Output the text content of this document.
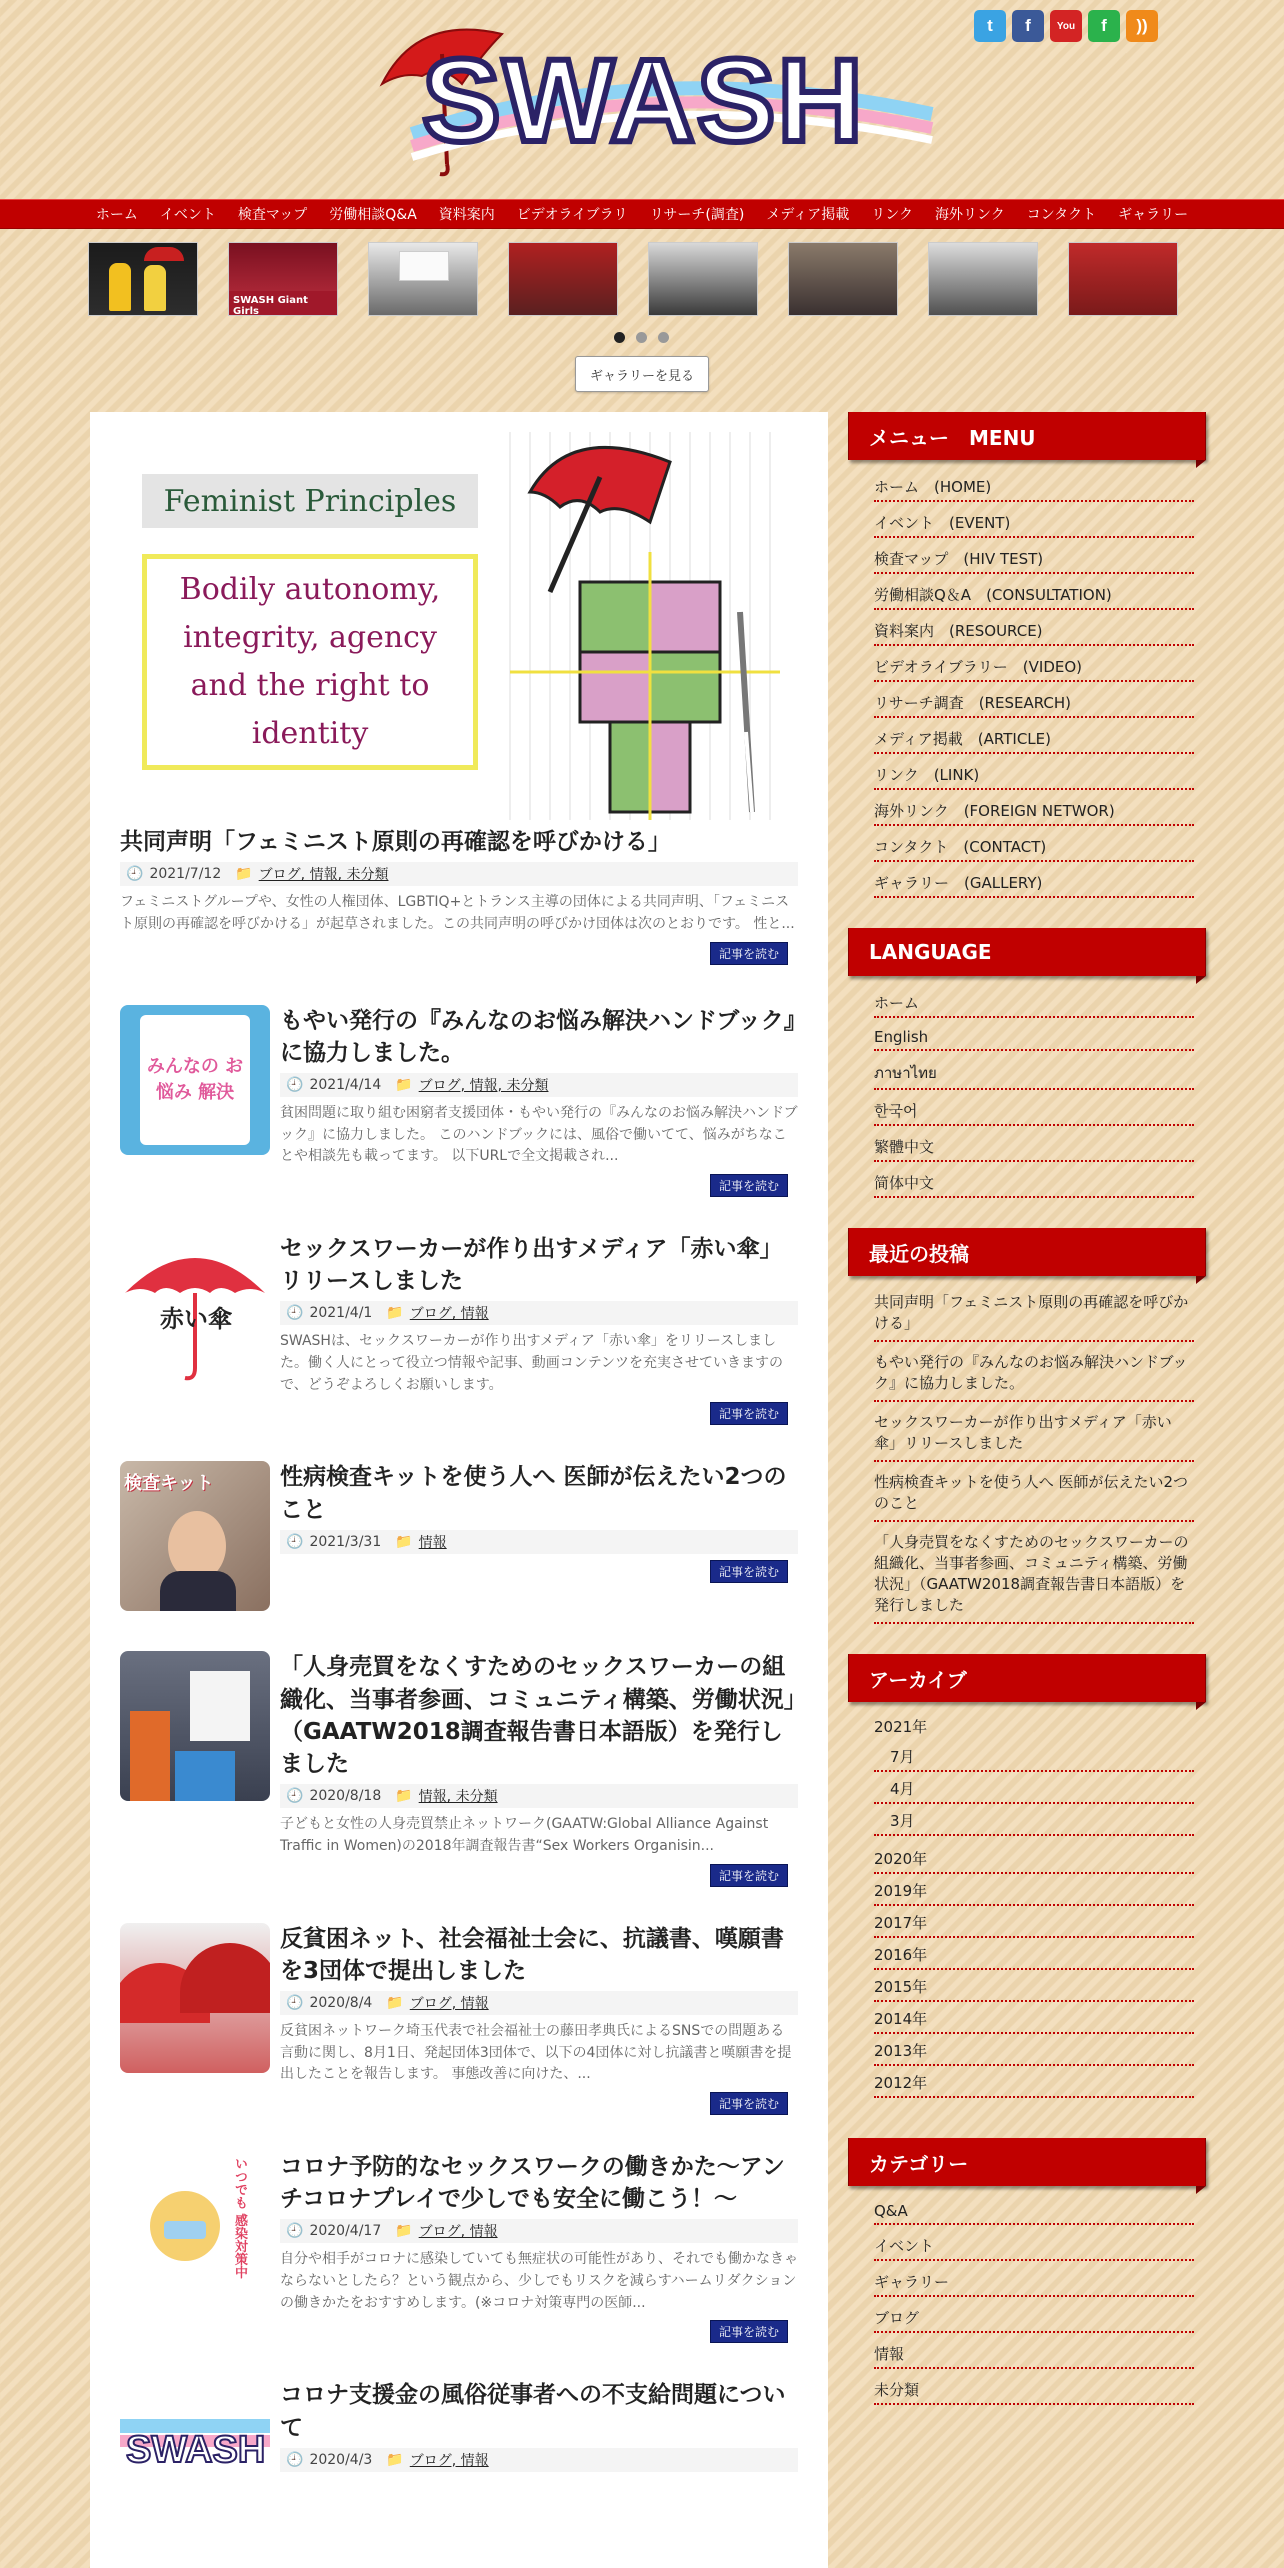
t	f	You	f	))
SWASH
ホーム	イベント	検査マップ	労働相談Q&A	資料案内	ビデオライブラリ	リサーチ(調査)	メディア掲載	リンク	海外リンク	コンタクト	ギャラリー
SWASH Giant Girls
ギャラリーを見る
Feminist Principles
Bodily autonomy, integrity, agency and the right to identity
共同声明「フェミニスト原則の再確認を呼びかける」
🕘 2021/7/12 📁 ブログ, 情報, 未分類
フェミニストグループや、女性の人権団体、LGBTIQ+とトランス主導の団体による共同声明、「フェミニスト原則の再確認を呼びかける」が起草されました。この共同声明の呼びかけ団体は次のとおりです。 性と...
記事を読む
みんなの お悩み 解決
もやい発行の『みんなのお悩み解決ハンドブック』に協力しました。
🕘 2021/4/14 📁 ブログ, 情報, 未分類
貧困問題に取り組む困窮者支援団体・もやい発行の『みんなのお悩み解決ハンドブック』に協力しました。 このハンドブックには、風俗で働いてて、悩みがちなことや相談先も載ってます。 以下URLで全文掲載され...
記事を読む
赤い傘
セックスワーカーが作り出すメディア「赤い傘」リリースしました
🕘 2021/4/1 📁 ブログ, 情報
SWASHは、セックスワーカーが作り出すメディア「赤い傘」をリリースしました。働く人にとって役立つ情報や記事、動画コンテンツを充実させていきますので、どうぞよろしくお願いします。
記事を読む
検査キット	性病検査キットを使う人へ 医師が伝えたい2つのこと
🕘 2021/3/31 📁 情報
記事を読む
「人身売買をなくすためのセックスワーカーの組織化、当事者参画、コミュニティ構築、労働状況」（GAATW2018調査報告書日本語版）を発行しました
🕘 2020/8/18 📁 情報, 未分類
子どもと女性の人身売買禁止ネットワーク(GAATW:Global Alliance Against Traffic in Women)の2018年調査報告書“Sex Workers Organisin...
記事を読む
反貧困ネット、社会福祉士会に、抗議書、嘆願書を3団体で提出しました
🕘 2020/8/4 📁 ブログ, 情報
反貧困ネットワーク埼玉代表で社会福祉士の藤田孝典氏によるSNSでの問題ある言動に関し、8月1日、発起団体3団体で、以下の4団体に対し抗議書と嘆願書を提出したことを報告します。 事態改善に向けた、...
記事を読む
いつでも 感染対策中 コロナ予防的なセックスワークの働きかた～アンチコロナプレイで少しでも安全に働こう！～
🕘 2020/4/17 📁 ブログ, 情報
自分や相手がコロナに感染していても無症状の可能性があり、それでも働かなきゃならないとしたら？という観点から、少しでもリスクを減らすハームリダクションの働きかたをおすすめします。(※コロナ対策専門の医師...
記事を読む
SWASH
コロナ支援金の風俗従事者への不支給問題について
🕘 2020/4/3 📁 ブログ, 情報
メニュー　MENU
ホーム　(HOME)
イベント　(EVENT)
検査マップ　(HIV TEST)
労働相談Q＆A　(CONSULTATION)
資料案内　(RESOURCE)
ビデオライブラリー　(VIDEO)
リサーチ調査　(RESEARCH)
メディア掲載　(ARTICLE)
リンク　(LINK)
海外リンク　(FOREIGN NETWOR)
コンタクト　(CONTACT)
ギャラリー　(GALLERY)
LANGUAGE
ホーム
English
ภาษาไทย
한국어
繁體中文
简体中文
最近の投稿
共同声明「フェミニスト原則の再確認を呼びかける」
もやい発行の『みんなのお悩み解決ハンドブック』に協力しました。
セックスワーカーが作り出すメディア「赤い傘」リリースしました
性病検査キットを使う人へ 医師が伝えたい2つのこと
「人身売買をなくすためのセックスワーカーの組織化、当事者参画、コミュニティ構築、労働状況」（GAATW2018調査報告書日本語版）を発行しました
アーカイブ
2021年
7月
4月
3月
2020年
2019年
2017年
2016年
2015年
2014年
2013年
2012年
カテゴリー
Q&A
イベント
ギャラリー
ブログ
情報
未分類
